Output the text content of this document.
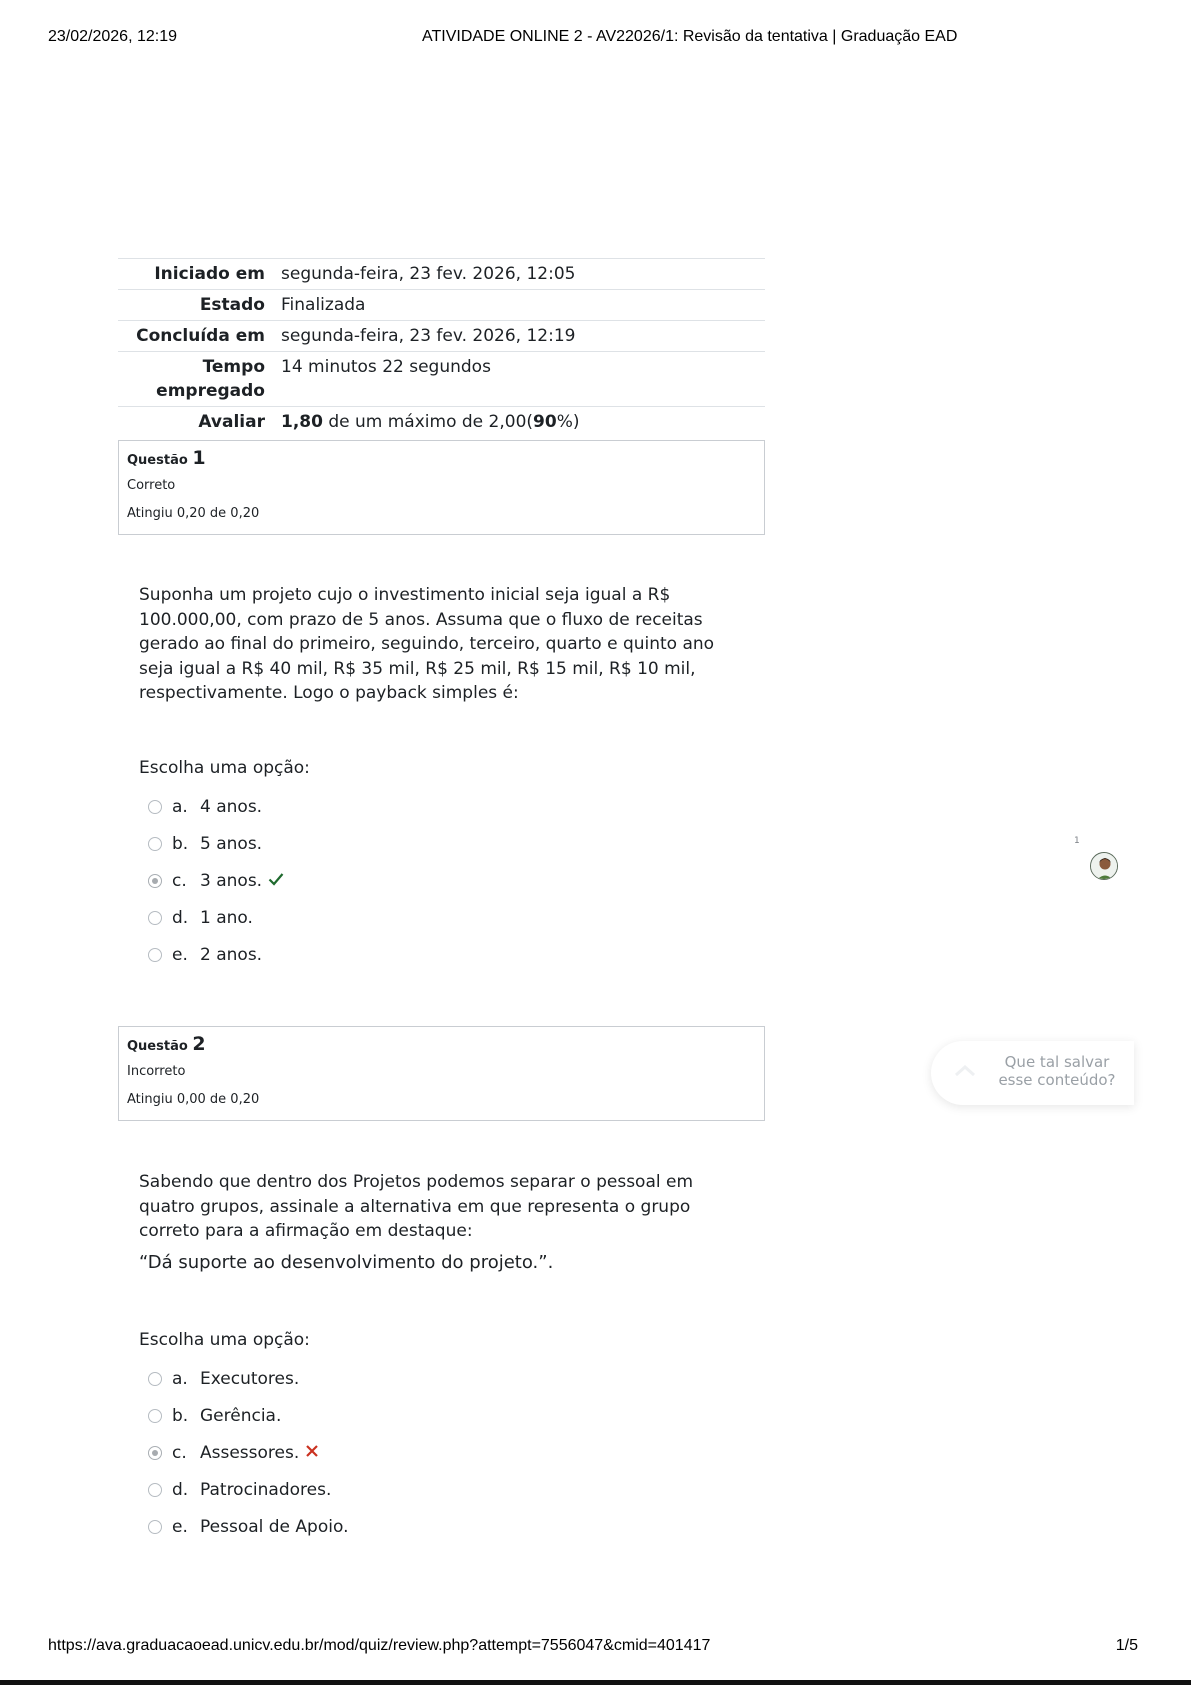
23/02/2026, 12:19	ATIVIDADE ONLINE 2 - AV22026/1: Revisão da tentativa | Graduação EAD
Iniciado em	segunda-feira, 23 fev. 2026, 12:05
Estado	Finalizada
Concluída em	segunda-feira, 23 fev. 2026, 12:19
Tempo empregado	14 minutos 22 segundos
Avaliar	1,80 de um máximo de 2,00(90%)
Questão 1
Correto
Atingiu 0,20 de 0,20
Suponha um projeto cujo o investimento inicial seja igual a R$ 100.000,00, com prazo de 5 anos. Assuma que o fluxo de receitas gerado ao final do primeiro, seguindo, terceiro, quarto e quinto ano seja igual a R$ 40 mil, R$ 35 mil, R$ 25 mil, R$ 15 mil, R$ 10 mil, respectivamente. Logo o payback simples é:
Escolha uma opção:
a. 4 anos.
b. 5 anos.
c. 3 anos.
d. 1 ano.
e. 2 anos.
1
Questão 2
Incorreto
Atingiu 0,00 de 0,20
Sabendo que dentro dos Projetos podemos separar o pessoal em quatro grupos, assinale a alternativa em que representa o grupo correto para a afirmação em destaque:
“Dá suporte ao desenvolvimento do projeto.”.
Escolha uma opção:
a. Executores.
b. Gerência.
c. Assessores.
d. Patrocinadores.
e. Pessoal de Apoio.
Que tal salvar
esse conteúdo?
https://ava.graduacaoead.unicv.edu.br/mod/quiz/review.php?attempt=7556047&cmid=401417	1/5
